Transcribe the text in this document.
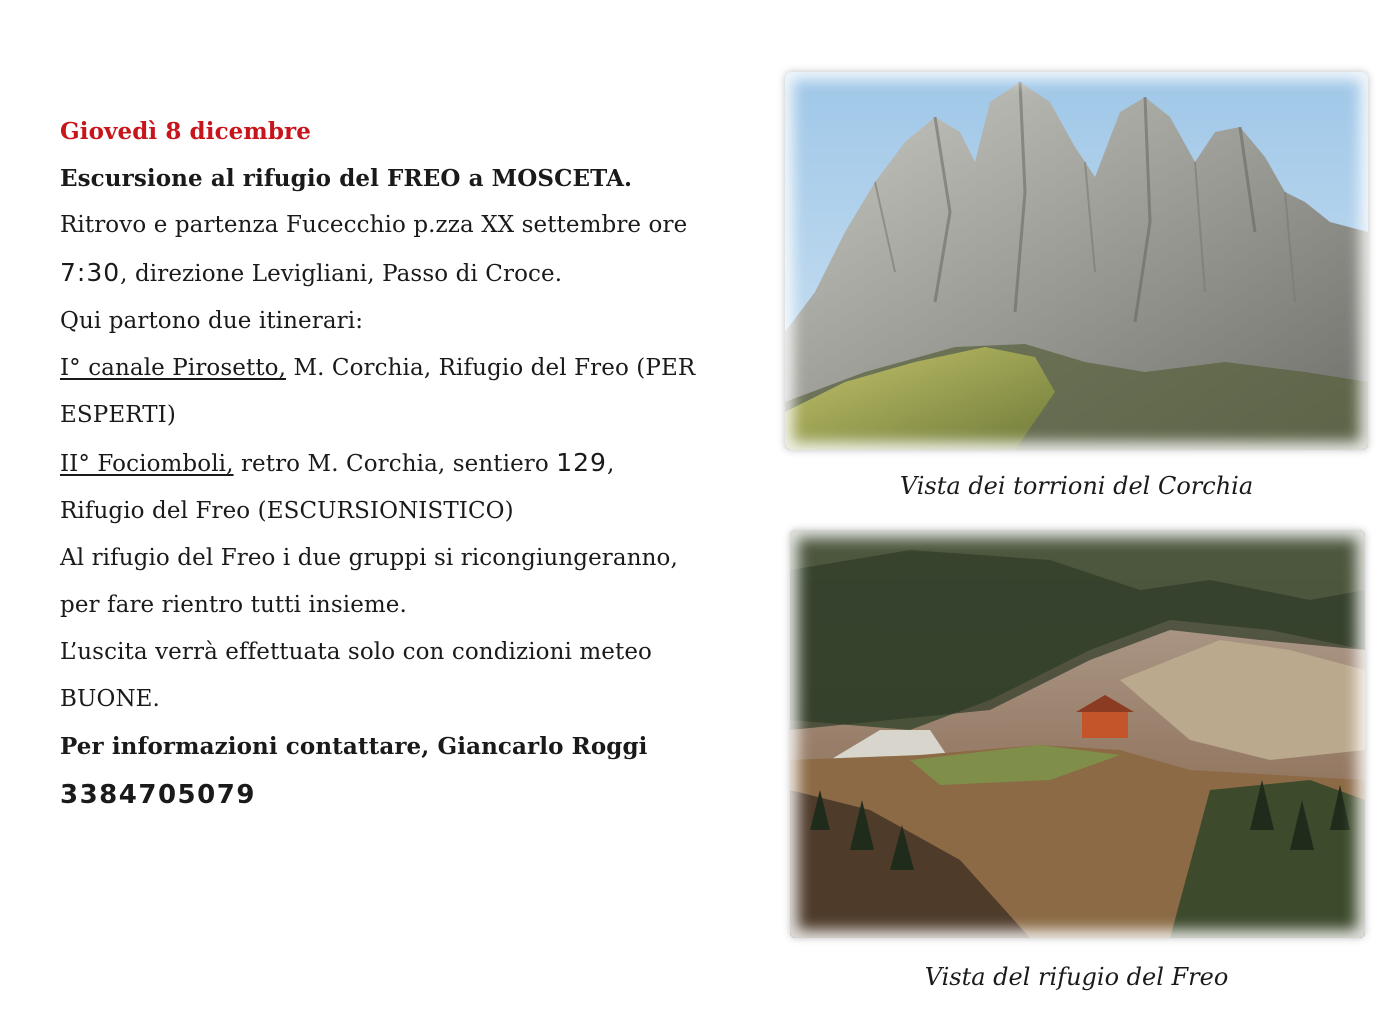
Giovedì 8 dicembre
Escursione al rifugio del FREO a MOSCETA.
Ritrovo e partenza Fucecchio p.zza XX settembre ore
7:30, direzione Levigliani, Passo di Croce.
Qui partono due itinerari:
I° canale Pirosetto, M. Corchia, Rifugio del Freo (PER
ESPERTI)
II° Fociomboli, retro M. Corchia, sentiero 129,
Rifugio del Freo (ESCURSIONISTICO)
Al rifugio del Freo i due gruppi si ricongiungeranno,
per fare rientro tutti insieme.
L’uscita verrà effettuata solo con condizioni meteo
BUONE.
Per informazioni contattare, Giancarlo Roggi
3384705079
Vista dei torrioni del Corchia
Vista del rifugio del Freo
